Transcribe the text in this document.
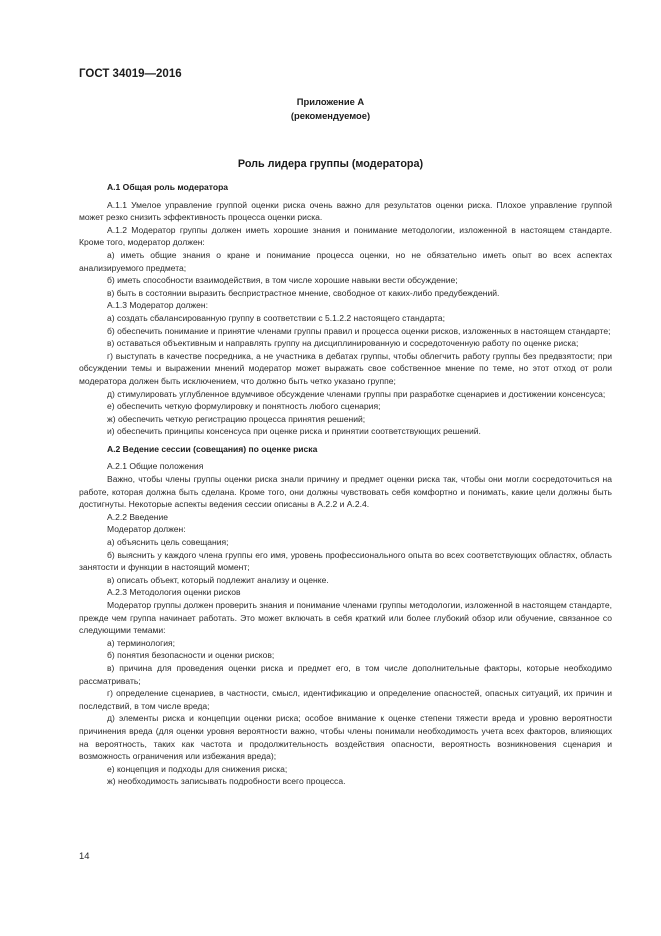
ГОСТ 34019—2016
Приложение А
(рекомендуемое)
Роль лидера группы (модератора)

А.1 Общая роль модератора

А.1.1 Умелое управление группой оценки риска очень важно для результатов оценки риска. Плохое управление группой может резко снизить эффективность процесса оценки риска.

А.1.2 Модератор группы должен иметь хорошие знания и понимание методологии, изложенной в настоящем стандарте. Кроме того, модератор должен:

а) иметь общие знания о кране и понимание процесса оценки, но не обязательно иметь опыт во всех аспектах анализируемого предмета;

б) иметь способности взаимодействия, в том числе хорошие навыки вести обсуждение;

в) быть в состоянии выразить беспристрастное мнение, свободное от каких-либо предубеждений.

А.1.3 Модератор должен:

а) создать сбалансированную группу в соответствии с 5.1.2.2 настоящего стандарта;

б) обеспечить понимание и принятие членами группы правил и процесса оценки рисков, изложенных в настоящем стандарте;

в) оставаться объективным и направлять группу на дисциплинированную и сосредоточенную работу по оценке риска;

г) выступать в качестве посредника, а не участника в дебатах группы, чтобы облегчить работу группы без предвзятости; при обсуждении темы и выражении мнений модератор может выражать свое собственное мнение по теме, но этот отход от роли модератора должен быть исключением, что должно быть четко указано группе;

д) стимулировать углубленное вдумчивое обсуждение членами группы при разработке сценариев и достижении консенсуса;

е) обеспечить четкую формулировку и понятность любого сценария;

ж) обеспечить четкую регистрацию процесса принятия решений;

и) обеспечить принципы консенсуса при оценке риска и принятии соответствующих решений.

А.2 Ведение сессии (совещания) по оценке риска

А.2.1 Общие положения

Важно, чтобы члены группы оценки риска знали причину и предмет оценки риска так, чтобы они могли сосредоточиться на работе, которая должна быть сделана. Кроме того, они должны чувствовать себя комфортно и понимать, какие цели должны быть достигнуты. Некоторые аспекты ведения сессии описаны в А.2.2 и А.2.4.

А.2.2 Введение

Модератор должен:

а) объяснить цель совещания;

б) выяснить у каждого члена группы его имя, уровень профессионального опыта во всех соответствующих областях, область занятости и функции в настоящий момент;

в) описать объект, который подлежит анализу и оценке.

А.2.3 Методология оценки рисков

Модератор группы должен проверить знания и понимание членами группы методологии, изложенной в настоящем стандарте, прежде чем группа начинает работать. Это может включать в себя краткий или более глубокий обзор или обучение, связанное со следующими темами:

а) терминология;

б) понятия безопасности и оценки рисков;

в) причина для проведения оценки риска и предмет его, в том числе дополнительные факторы, которые необходимо рассматривать;

г) определение сценариев, в частности, смысл, идентификацию и определение опасностей, опасных ситуаций, их причин и последствий, в том числе вреда;

д) элементы риска и концепции оценки риска; особое внимание к оценке степени тяжести вреда и уровню вероятности причинения вреда (для оценки уровня вероятности важно, чтобы члены понимали необходимость учета всех факторов, влияющих на вероятность, таких как частота и продолжительность воздействия опасности, вероятность возникновения сценария и возможность ограничения или избежания вреда);

е) концепция и подходы для снижения риска;

ж) необходимость записывать подробности всего процесса.

14
